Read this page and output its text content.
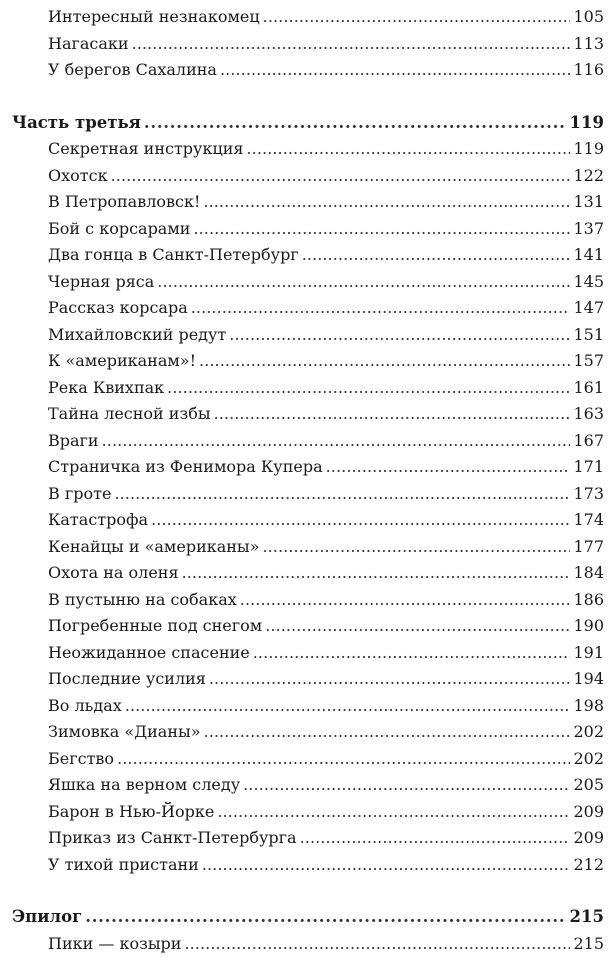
Интересный незнакомец . . .	105
Нагасаки . . .	113
У берегов Сахалина . . .	116
Часть третья . . .	119
Секретная инструкция . . .	119
Охотск . . .	122
В Петропавловск! . . .	131
Бой с корсарами . . .	137
Два гонца в Санкт-Петербург . . .	141
Черная ряса . . .	145
Рассказ корсара . . .	147
Михайловский редут . . .	151
К «американам»! . . .	157
Река Квихпак . . .	161
Тайна лесной избы . . .	163
Враги . . .	167
Страничка из Фенимора Купера . . .	171
В гроте . . .	173
Катастрофа . . .	174
Кенайцы и «американы» . . .	177
Охота на оленя . . .	184
В пустыню на собаках . . .	186
Погребенные под снегом . . .	190
Неожиданное спасение . . .	191
Последние усилия . . .	194
Во льдах . . .	198
Зимовка «Дианы» . . .	202
Бегство . . .	202
Яшка на верном следу . . .	205
Барон в Нью-Йорке . . .	209
Приказ из Санкт-Петербурга . . .	209
У тихой пристани . . .	212
Эпилог . . .	215
Пики — козыри . . .	215
